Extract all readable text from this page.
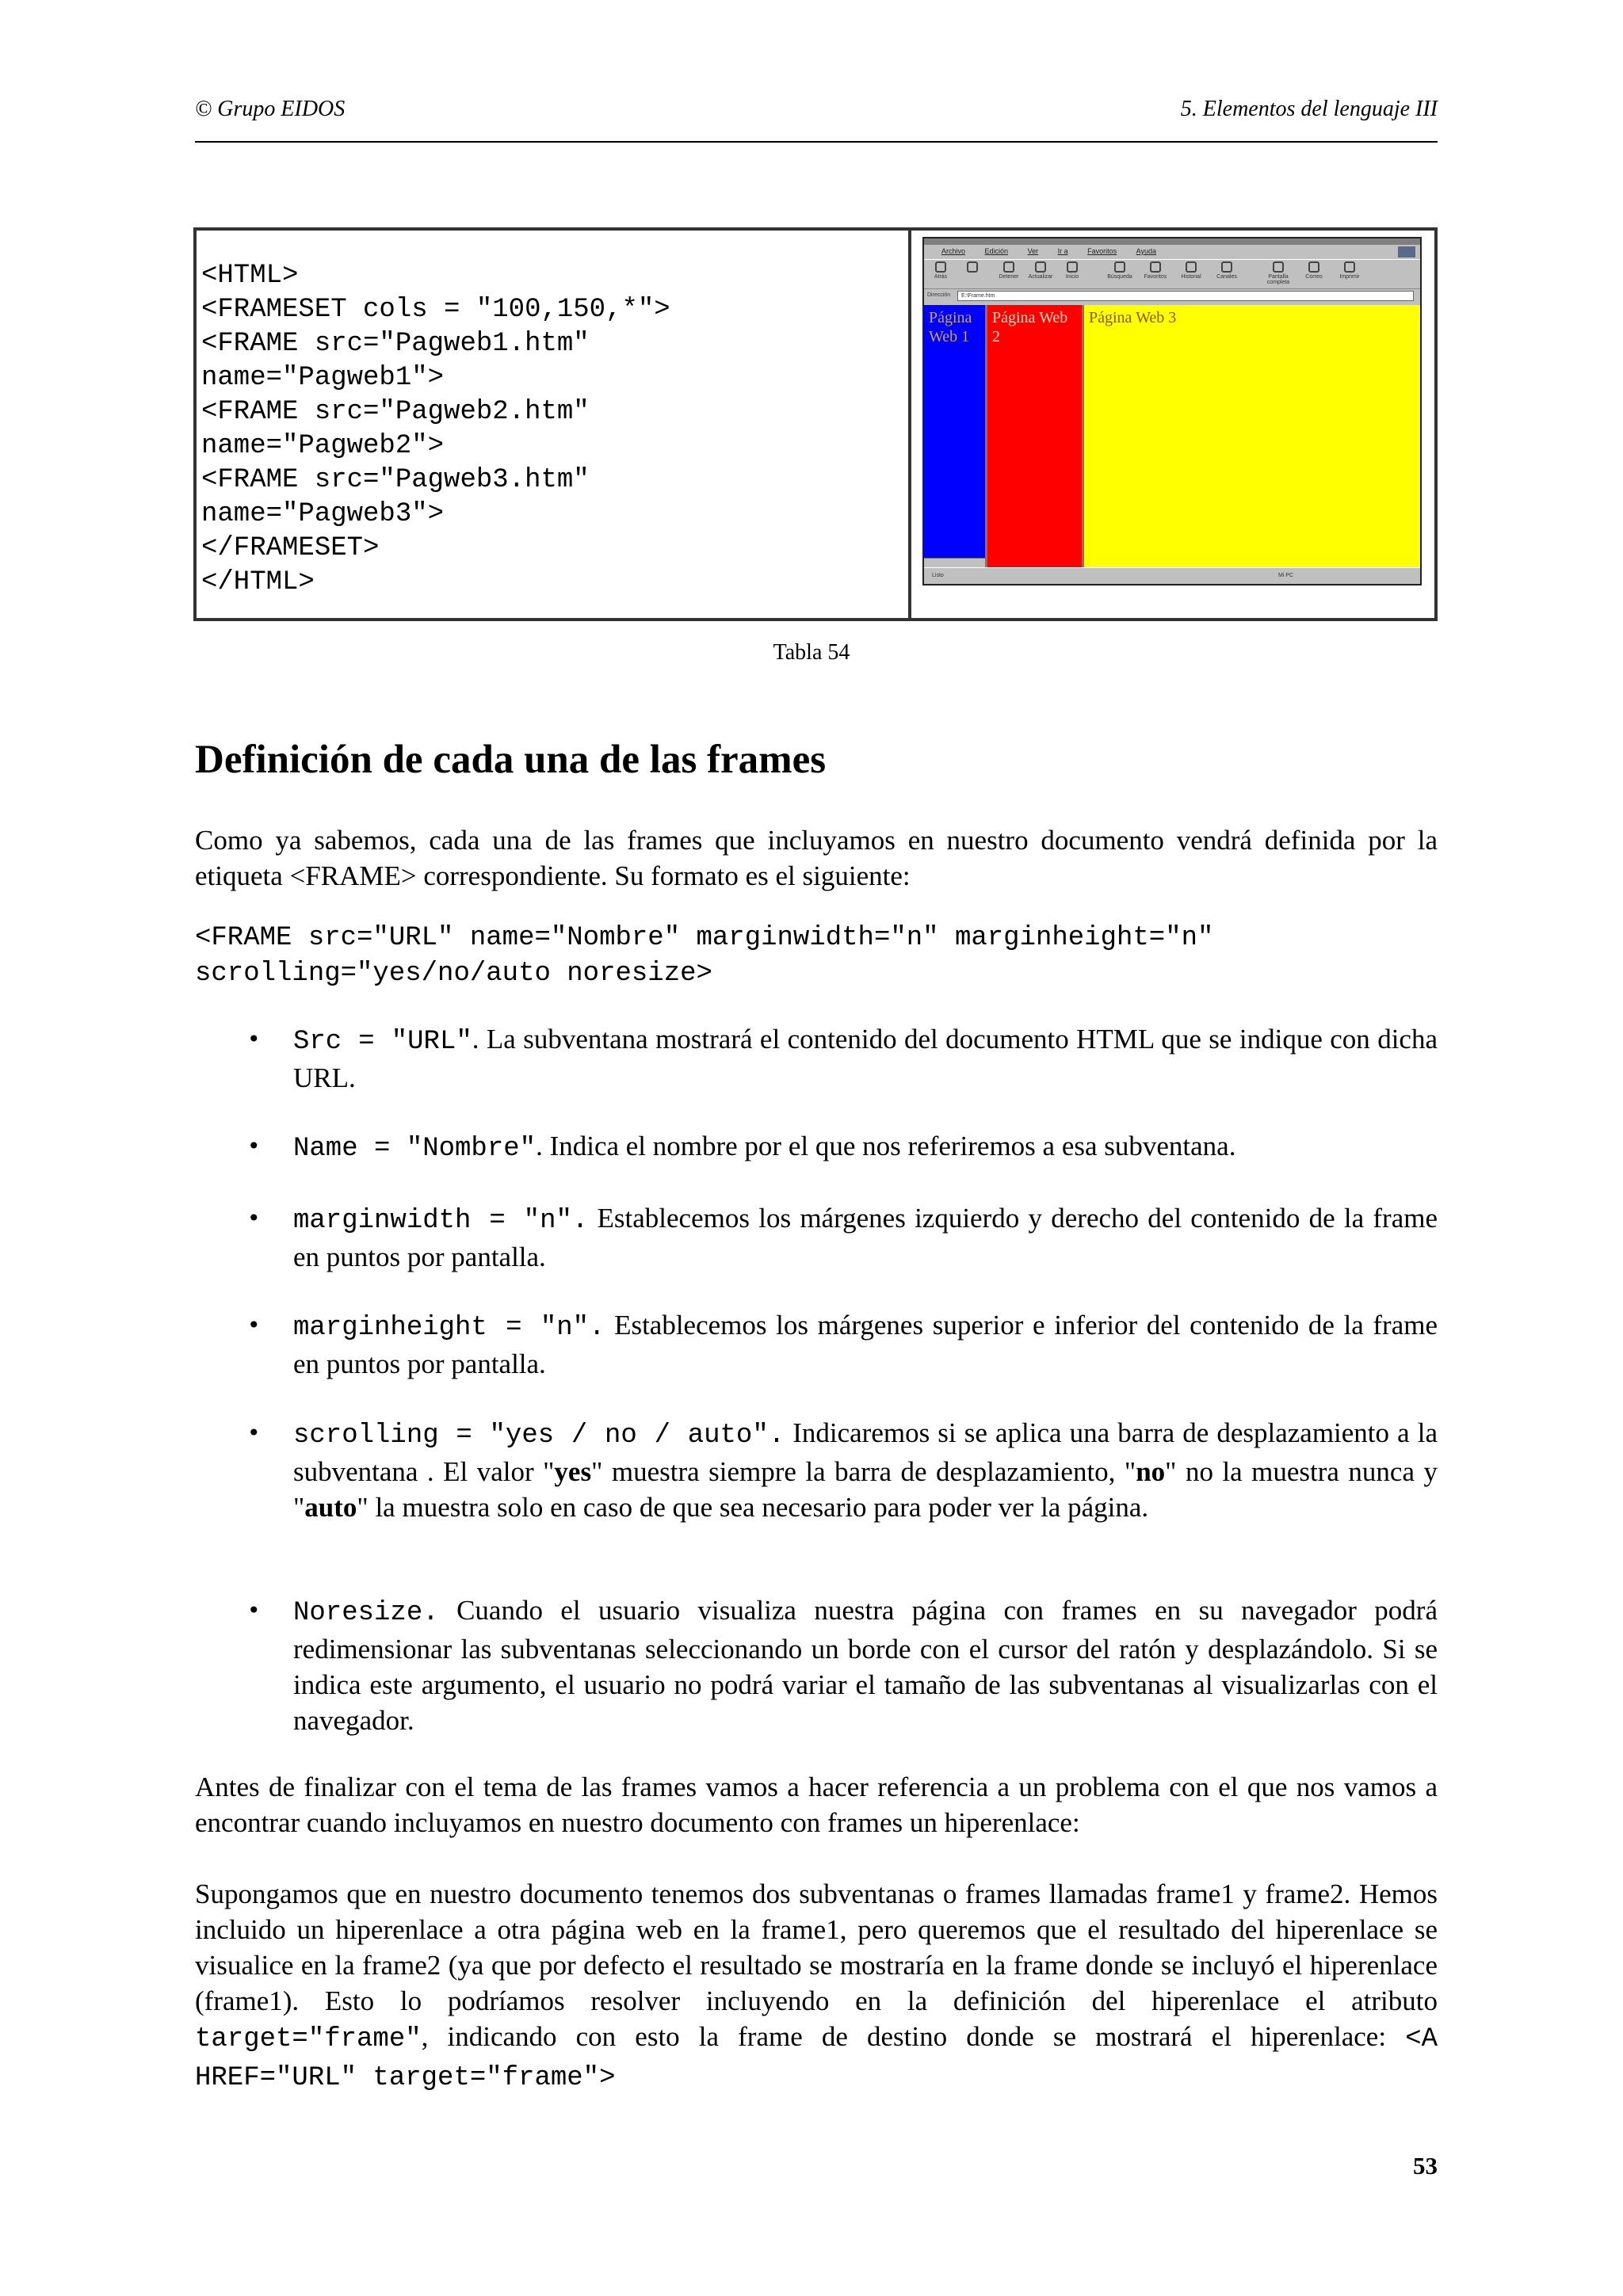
© Grupo EIDOS	5. Elementos del lenguaje III
<HTML>
<FRAMESET cols = "100,150,*">
<FRAME src="Pagweb1.htm"
name="Pagweb1">
<FRAME src="Pagweb2.htm"
name="Pagweb2">
<FRAME src="Pagweb3.htm"
name="Pagweb3">
</FRAMESET>
</HTML>
Archivo	Edición	Ver	Ir a	Favoritos	Ayuda
Atrás	Detener	Actualizar	Inicio	Búsqueda	Favoritos	Historial	Canales	Pantalla completa
Correo	Imprimir
Dirección	E:\Frame.htm
Página Web 1
Página Web 2
Página Web 3
Listo	Mi PC
Tabla 54
Definición de cada una de las frames

Como ya sabemos, cada una de las frames que incluyamos en nuestro documento vendrá definida por la etiqueta <FRAME> correspondiente. Su formato es el siguiente:

<FRAME src="URL" name="Nombre" marginwidth="n" marginheight="n"
scrolling="yes/no/auto noresize>
• Src = "URL". La subventana mostrará el contenido del documento HTML que se indique con dicha URL.
• Name = "Nombre". Indica el nombre por el que nos referiremos a esa subventana.
• marginwidth = "n". Establecemos los márgenes izquierdo y derecho del contenido de la frame en puntos por pantalla.
• marginheight = "n". Establecemos los márgenes superior e inferior del contenido de la frame en puntos por pantalla.
• scrolling = "yes / no / auto". Indicaremos si se aplica una barra de desplazamiento a la subventana . El valor "yes" muestra siempre la barra de desplazamiento, "no" no la muestra nunca y "auto" la muestra solo en caso de que sea necesario para poder ver la página.
• Noresize. Cuando el usuario visualiza nuestra página con frames en su navegador podrá redimensionar las subventanas seleccionando un borde con el cursor del ratón y desplazándolo. Si se indica este argumento, el usuario no podrá variar el tamaño de las subventanas al visualizarlas con el navegador.

Antes de finalizar con el tema de las frames vamos a hacer referencia a un problema con el que nos vamos a encontrar cuando incluyamos en nuestro documento con frames un hiperenlace:

Supongamos que en nuestro documento tenemos dos subventanas o frames llamadas frame1 y frame2. Hemos incluido un hiperenlace a otra página web en la frame1, pero queremos que el resultado del hiperenlace se visualice en la frame2 (ya que por defecto el resultado se mostraría en la frame donde se incluyó el hiperenlace (frame1). Esto lo podríamos resolver incluyendo en la definición del hiperenlace el atributo target="frame", indicando con esto la frame de destino donde se mostrará el hiperenlace: <A HREF="URL" target="frame">

53
